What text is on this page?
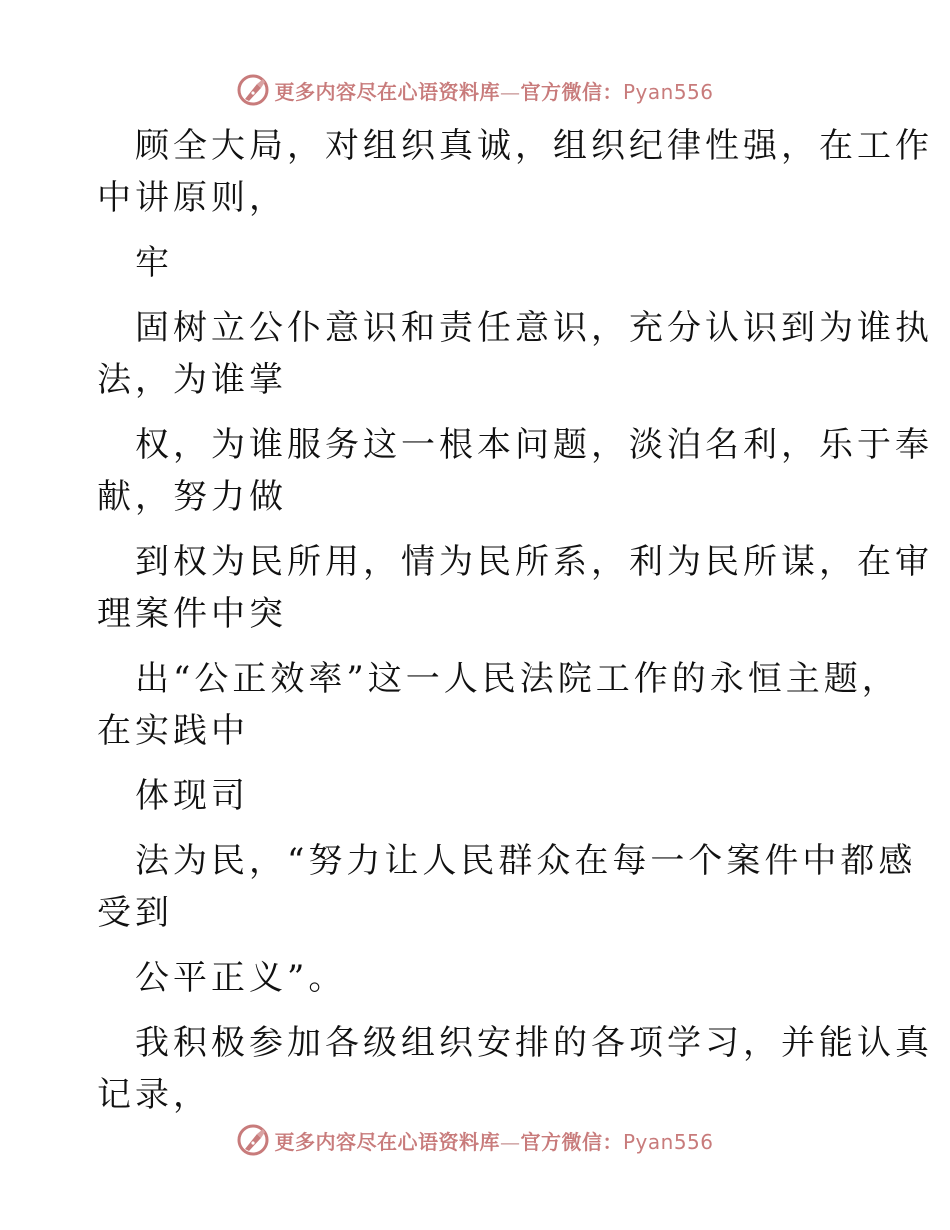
更多内容尽在心语资料库—官方微信：Pyan556
顾全大局，对组织真诚，组织纪律性强，在工作
中讲原则，
牢
固树立公仆意识和责任意识，充分认识到为谁执
法，为谁掌
权，为谁服务这一根本问题，淡泊名利，乐于奉
献，努力做
到权为民所用，情为民所系，利为民所谋，在审
理案件中突
出“公正效率”这一人民法院工作的永恒主题，
在实践中
体现司
法为民，“努力让人民群众在每一个案件中都感
受到
公平正义”。
我积极参加各级组织安排的各项学习，并能认真
记录，
更多内容尽在心语资料库—官方微信：Pyan556
